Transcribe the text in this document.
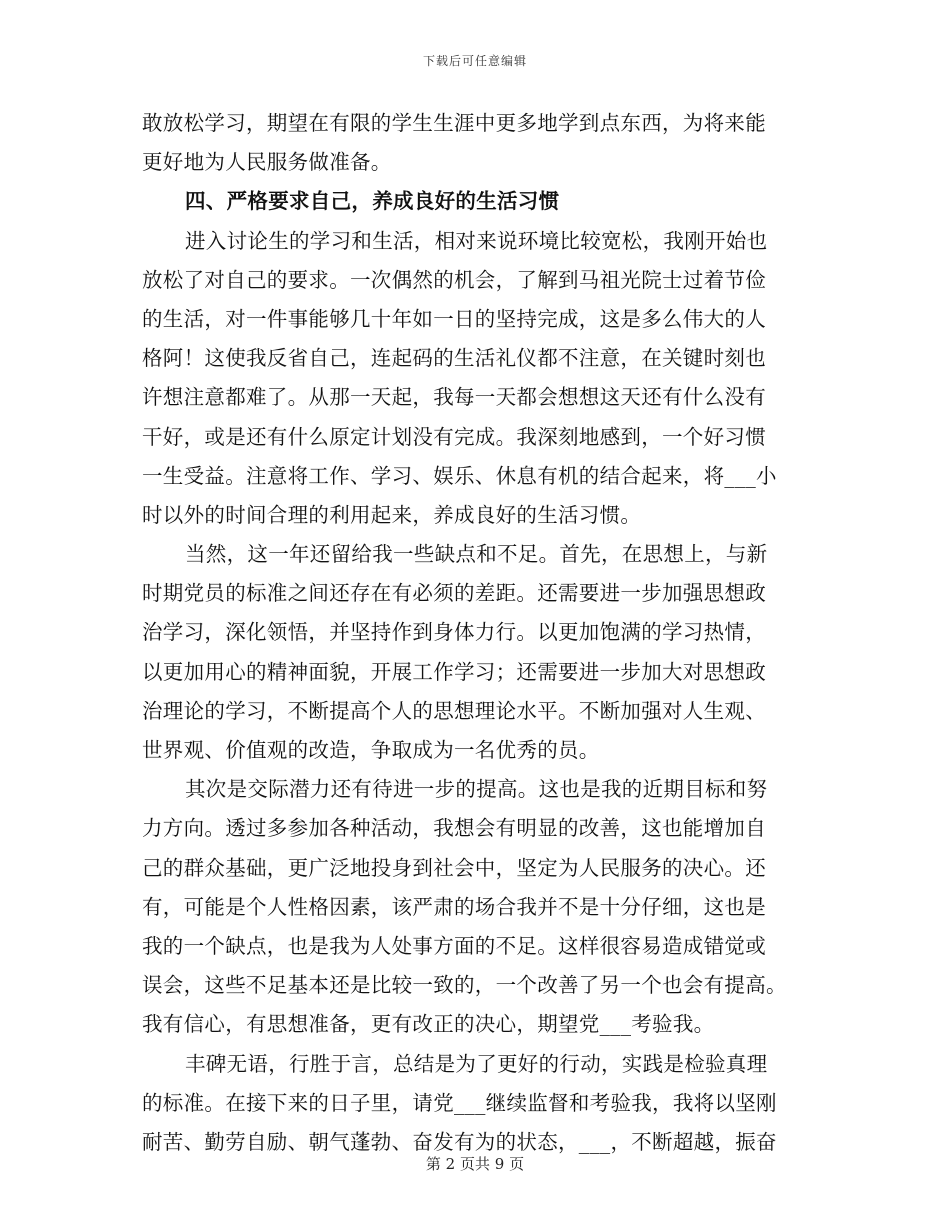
下载后可任意编辑
敢放松学习，期望在有限的学生生涯中更多地学到点东西，为将来能
更好地为人民服务做准备。
四、严格要求自己，养成良好的生活习惯
进入讨论生的学习和生活，相对来说环境比较宽松，我刚开始也
放松了对自己的要求。一次偶然的机会，了解到马祖光院士过着节俭
的生活，对一件事能够几十年如一日的坚持完成，这是多么伟大的人
格阿！这使我反省自己，连起码的生活礼仪都不注意，在关键时刻也
许想注意都难了。从那一天起，我每一天都会想想这天还有什么没有
干好，或是还有什么原定计划没有完成。我深刻地感到，一个好习惯
一生受益。注意将工作、学习、娱乐、休息有机的结合起来，将___小
时以外的时间合理的利用起来，养成良好的生活习惯。
当然，这一年还留给我一些缺点和不足。首先，在思想上，与新
时期党员的标准之间还存在有必须的差距。还需要进一步加强思想政
治学习，深化领悟，并坚持作到身体力行。以更加饱满的学习热情，
以更加用心的精神面貌，开展工作学习；还需要进一步加大对思想政
治理论的学习，不断提高个人的思想理论水平。不断加强对人生观、
世界观、价值观的改造，争取成为一名优秀的员。
其次是交际潜力还有待进一步的提高。这也是我的近期目标和努
力方向。透过多参加各种活动，我想会有明显的改善，这也能增加自
己的群众基础，更广泛地投身到社会中，坚定为人民服务的决心。还
有，可能是个人性格因素，该严肃的场合我并不是十分仔细，这也是
我的一个缺点，也是我为人处事方面的不足。这样很容易造成错觉或
误会，这些不足基本还是比较一致的，一个改善了另一个也会有提高。
我有信心，有思想准备，更有改正的决心，期望党___考验我。
丰碑无语，行胜于言，总结是为了更好的行动，实践是检验真理
的标准。在接下来的日子里，请党___继续监督和考验我，我将以坚刚
耐苦、勤劳自励、朝气蓬勃、奋发有为的状态，___，不断超越，振奋
第 2 页共 9 页
